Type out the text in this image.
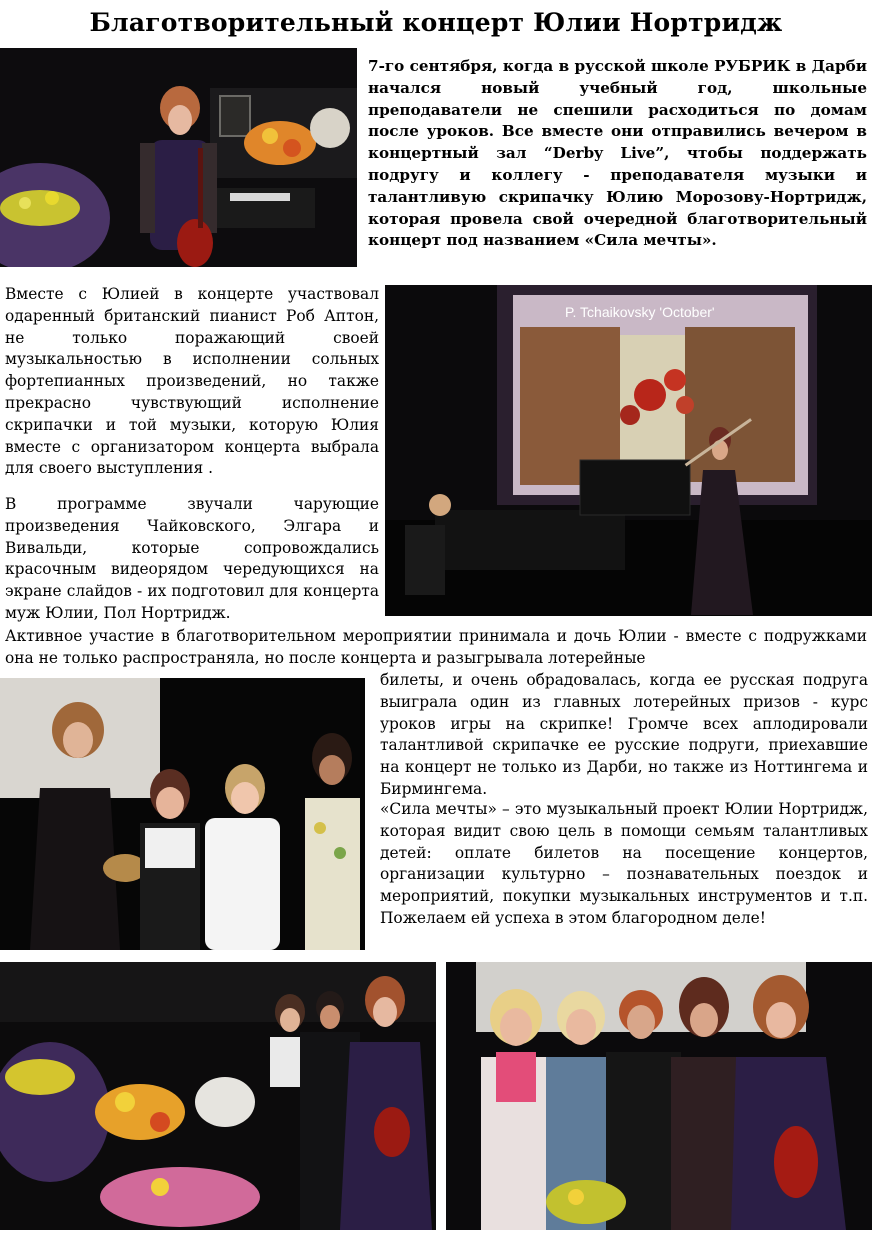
Благотворительный концерт Юлии Нортридж

7-го сентября, когда в русской школе РУБРИК в Дарби начался новый учебный год, школьные преподаватели не спешили расходиться по домам после уроков. Все вместе они отправились вечером в концертный зал “Derby Live”, чтобы поддержать подругу и коллегу - преподавателя музыки и талантливую скрипачку Юлию Морозову-Нортридж, которая провела свой очередной благотворительный концерт под названием «Сила мечты».

Вместе с Юлией в концерте участвовал одаренный британский пианист Роб Аптон, не только поражающий своей музыкальностью в исполнении сольных фортепианных произведений, но также прекрасно чувствующий исполнение скрипачки и той музыки, которую Юлия вместе с организатором концерта выбрала для своего выступления .

В программе звучали чарующие произведения Чайковского, Элгара и Вивальди, которые сопровождались красочным видеорядом чередующихся на экране слайдов - их подготовил для концерта муж Юлии, Пол Нортридж.

P. Tchaikovsky 'October'

Активное участие в благотворительном мероприятии принимала и дочь Юлии - вместе с подружками она не только распространяла, но после концерта и разыгрывала лотерейные

билеты, и очень обрадовалась, когда ее русская подруга выиграла один из главных лотерейных призов - курс уроков игры на скрипке! Громче всех аплодировали талантливой скрипачке ее русские подруги, приехавшие на концерт не только из Дарби, но также из Ноттингема и Бирмингема.

«Сила мечты» – это музыкальный проект Юлии Нортридж, которая видит свою цель в помощи семьям талантливых детей: оплате билетов на посещение концертов, организации культурно – познавательных поездок и мероприятий, покупки музыкальных инструментов и т.п. Пожелаем ей успеха в этом благородном деле!
